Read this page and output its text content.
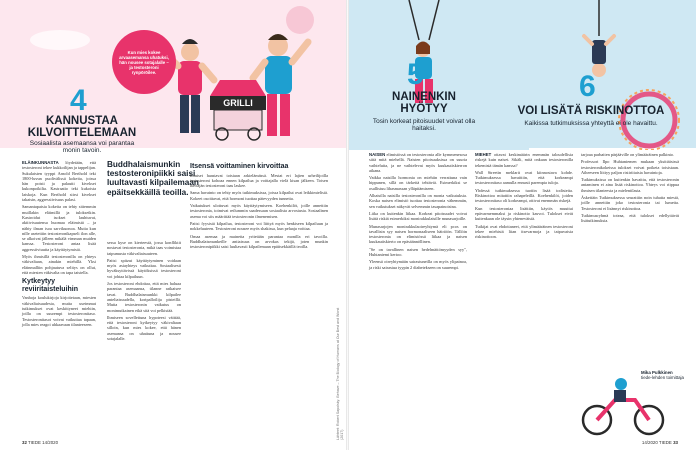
GRILLI
Kun mies kokee arvaasemansa uhatuksi, hän nousee sotajalalle – ja testosteroni rynpöröilee.
4
KANNUSTAA KILVOITTELEMAAN
Sosiaalista asemaansa voi parantaa monin tavoin.

ELÄINKUNNASTA löydetään, että testosteroni tekee kukkoilijan ja tappelijan. Sukulaisten tyyppi Arnold Berthold teki 1800-luvun puolivälissä kokeita, joissa hän poisti ja palautti kivekset kukonpoikilta. Kastraatio teki kukoista laiskoja. Kun Berthold siirsi kivekset takaisin, aggressiivisuus palasi.

Samantapaisia kokeita on tehty sittemmin muillakin eläimillä ja tuloksetkin. Kastroidut isokset lauhtuvat, aktiivisuutensa huomaa eläimistä – ja nähty ilman isoa sarvikuonoa. Mutta kun nille asetettiin testosteronikapseli ilon alle, se alkoivat jälleen mikälä vimman muiden kanssa. Testosteroni antaa lisää aggressiiviuutta ja käyttäytymistä.

Myös ihmisillä testosteronilla on yhteys väkivaltaan, ainakin miehillä. Yksi eläinmalliin pohjautuva selitys on ollut, että miesten väkivalta on tapa taistella.

Kytkeytyy reviiritaisteluihin

Vanhoja koulukirjoja kirjoitetaan, miesten väkivaltaisuudesta, mutta useimmat tutkimukset ovat keskittyneet miehiin, joilla on suurempi testosteronitaso. Testosteronitasot voivat vaikuttaa tapaan, jolla mies reagoi uhkaavaan tilanteeseen.

Buddhalaismunkin testosteronipiikki saisi luultavasti kilpailemaan epäitsekkäillä teoilla.

sessa kyse on kierteestä, jossa konfliktit nostavat testosteronia, mikä taas voimistaa taipumusta väkivaltaisuuteen.

Paitsi spitzut käyttäytyminen voidaan myös asiayhteys vaikuttaa. Sosiaalisesti hyväksyttävissä käytöksissä testosteroni voi johtaa kilpailuun.

Jos testosteroni ehdottaa, että mies haluaa parantaa asemaansa, tilanne ratkaisee tavat. Buddhalaismunkki kilpailee anteliaisuudella, koripalloilija pisteillä. Mutta testosteronin vaikutus on monimutkainen eikä sitä voi pelkistää.

Ihmiseen sovellettuna hypoteesi väittää, että testosteroni kytkeytyy väkivaltaan silloin, kun mies kokee, että hänen asemansa on uhattuna ja nousee sotajalalle.

Itsensä voittaminen kirvoittaa

Ihmiset haastavat toisiaan arkielämässä. Mestat eri lajien urheilijoilla testosteroni kohoaa ennen kilpailua ja voittajalla vielä kisan jälkeen. Toisen häviäjän testosteroni taas laskee.

Sama havainto on tehty myös tutkimuksissa, joissa kilpailut ovat leikkimielisiä. Kokeet osoittavat, että hormoni tuottaa pätevyyden tunnetta.

Vaikutukset ulottuvat myös käyttäytymiseen. Koehenkilöt, joille annettiin testosteronia, toimivat reilummin saadessaan sosiaalista arvostusta. Sosiaalinen asema voi siis määrittää testosteronin ilmenemisen.

Paitsi fyysistä kilpailua, testosteroni voi liittyä myös henkiseen kilpailuun ja nokkeluuteen. Testosteroni nousee myös shakissa, kun pelaaja voittaa.

Omaa asemaa ja mainetta yritetään parantaa monilla eri tavoilla. Buddhalaismunkeille antiaisuus on arvokas tekijä, joten munkin testosteronipiikki saisi luultavasti kilpailemaan epäitsekkäillä teoilla.

Lähteet: Robert Sapolsky: Behave – The Biology of Humans at Our Best and Worst (2017)
32 TIEDE 14/2020
5
NAINENKIN HYÖTYY
Tosin korkeat pitoisuudet voivat olla haitaksi.
6
VOI LISÄTÄ RISKINOTTOA
Kaikissa tutkimuksissa yhteyttä ei ole havaittu.

NAISEN elimistössä on testosteronia alle kymmenesosa siitä mitä miehellä. Naisten pitoisuuksissa on suuria vaihteluita, ja ne vaihtelevat myös kuukautiskierron aikana.

Vaikka naisilla hormonia on miehiin verrattuna vain hippunen, sillä on tärkeitä tehtäviä. Esimerkiksi se osallistuu lihasmassan ylläpitämiseen.

Alhaisilla naisilla testosteronilla on monia vaikutuksia. Koska naisen elimistö tuottaa testosteronia vähemmän, sen vaikutukset näkyvät selvemmin tasapainoisina.

Liika on kuitenkin liikaa. Korkeat pitoisuudet voivat lisätä riskiä esimerkiksi monirakkulaisille munasarjoille.

Munasarjojen monirakkulaoireyhtymä eli pcos on tavallisin syy naisen hormonaaliseen häiriöön. Tällöin testosteronia on elimistössä liikaa ja naisen kuukautiskierto on epäsäännöllinen.

"Se on tavallinen naisen hedelmättömyyden syy", Huhtaniemi kertoo.

Yleensä oireyhtymään sairastuneilla on myös ylipainoa, ja riski sairastua tyypin 2 diabetekseen on suurempi.

MIEHET ottavat keskimäärin enemmän taloudellisia riskejä kuin naiset. Sikäli, mitä onkaan testosteronilla tekemistä tämän kanssa?

Wall Streetin meklarit ovat kiinnostava kohde. Tutkimuksessa havaittiin, että korkeampi testosteronitaso aamulla ennusti parempia tuloja.

Yhdessä tutkimuksessa tuotiin lisää todisteita. Riskinottoa mitattiin rahapeleillä. Koehenkilöt, joiden testosteronitaso oli korkeampi, ottivat enemmän riskejä.

Kun testosteroniaa lisättiin, käytös muuttui epävarmemmaksi ja riskinotto kasvoi. Tulokset eivät kuitenkaan ole täysin yhteneväisiä.

Tutkijat ovat ehdottaneet, että ylimääräinen testosteroni tekee miehistä liian itsevarmoja ja taipuvaisia riskinottoon.

tarjoaa parhaiten pärjääville on ylimääräinen palkinto.

Professori Ilpo Huhtaniemen mukaan yksittäisissä testosteronikokeissa tulokset voivat poiketa toisistaan. Aiheeseen liittyy paljon ristiriitaisia havaintoja.

Tutkimuksissa on kuitenkin havaittu, että testosteronin antaminen ei aina lisää riskinottoa. Yhteys voi riippua ihmisen tilanteesta ja mielentilasta.

Äskettäin Tutkimuksessa seurattiin noin tuhatta miestä, joille annettiin joko testosteronia tai lumetta. Testosteroni ei lisännyt riskinottoa.

Tutkimusryhmä toteaa, että tulokset edellyttävät lisätutkimuksia.

Mika Pulkkinen
tiede-lehden toimittaja
14/2020 TIEDE 33
